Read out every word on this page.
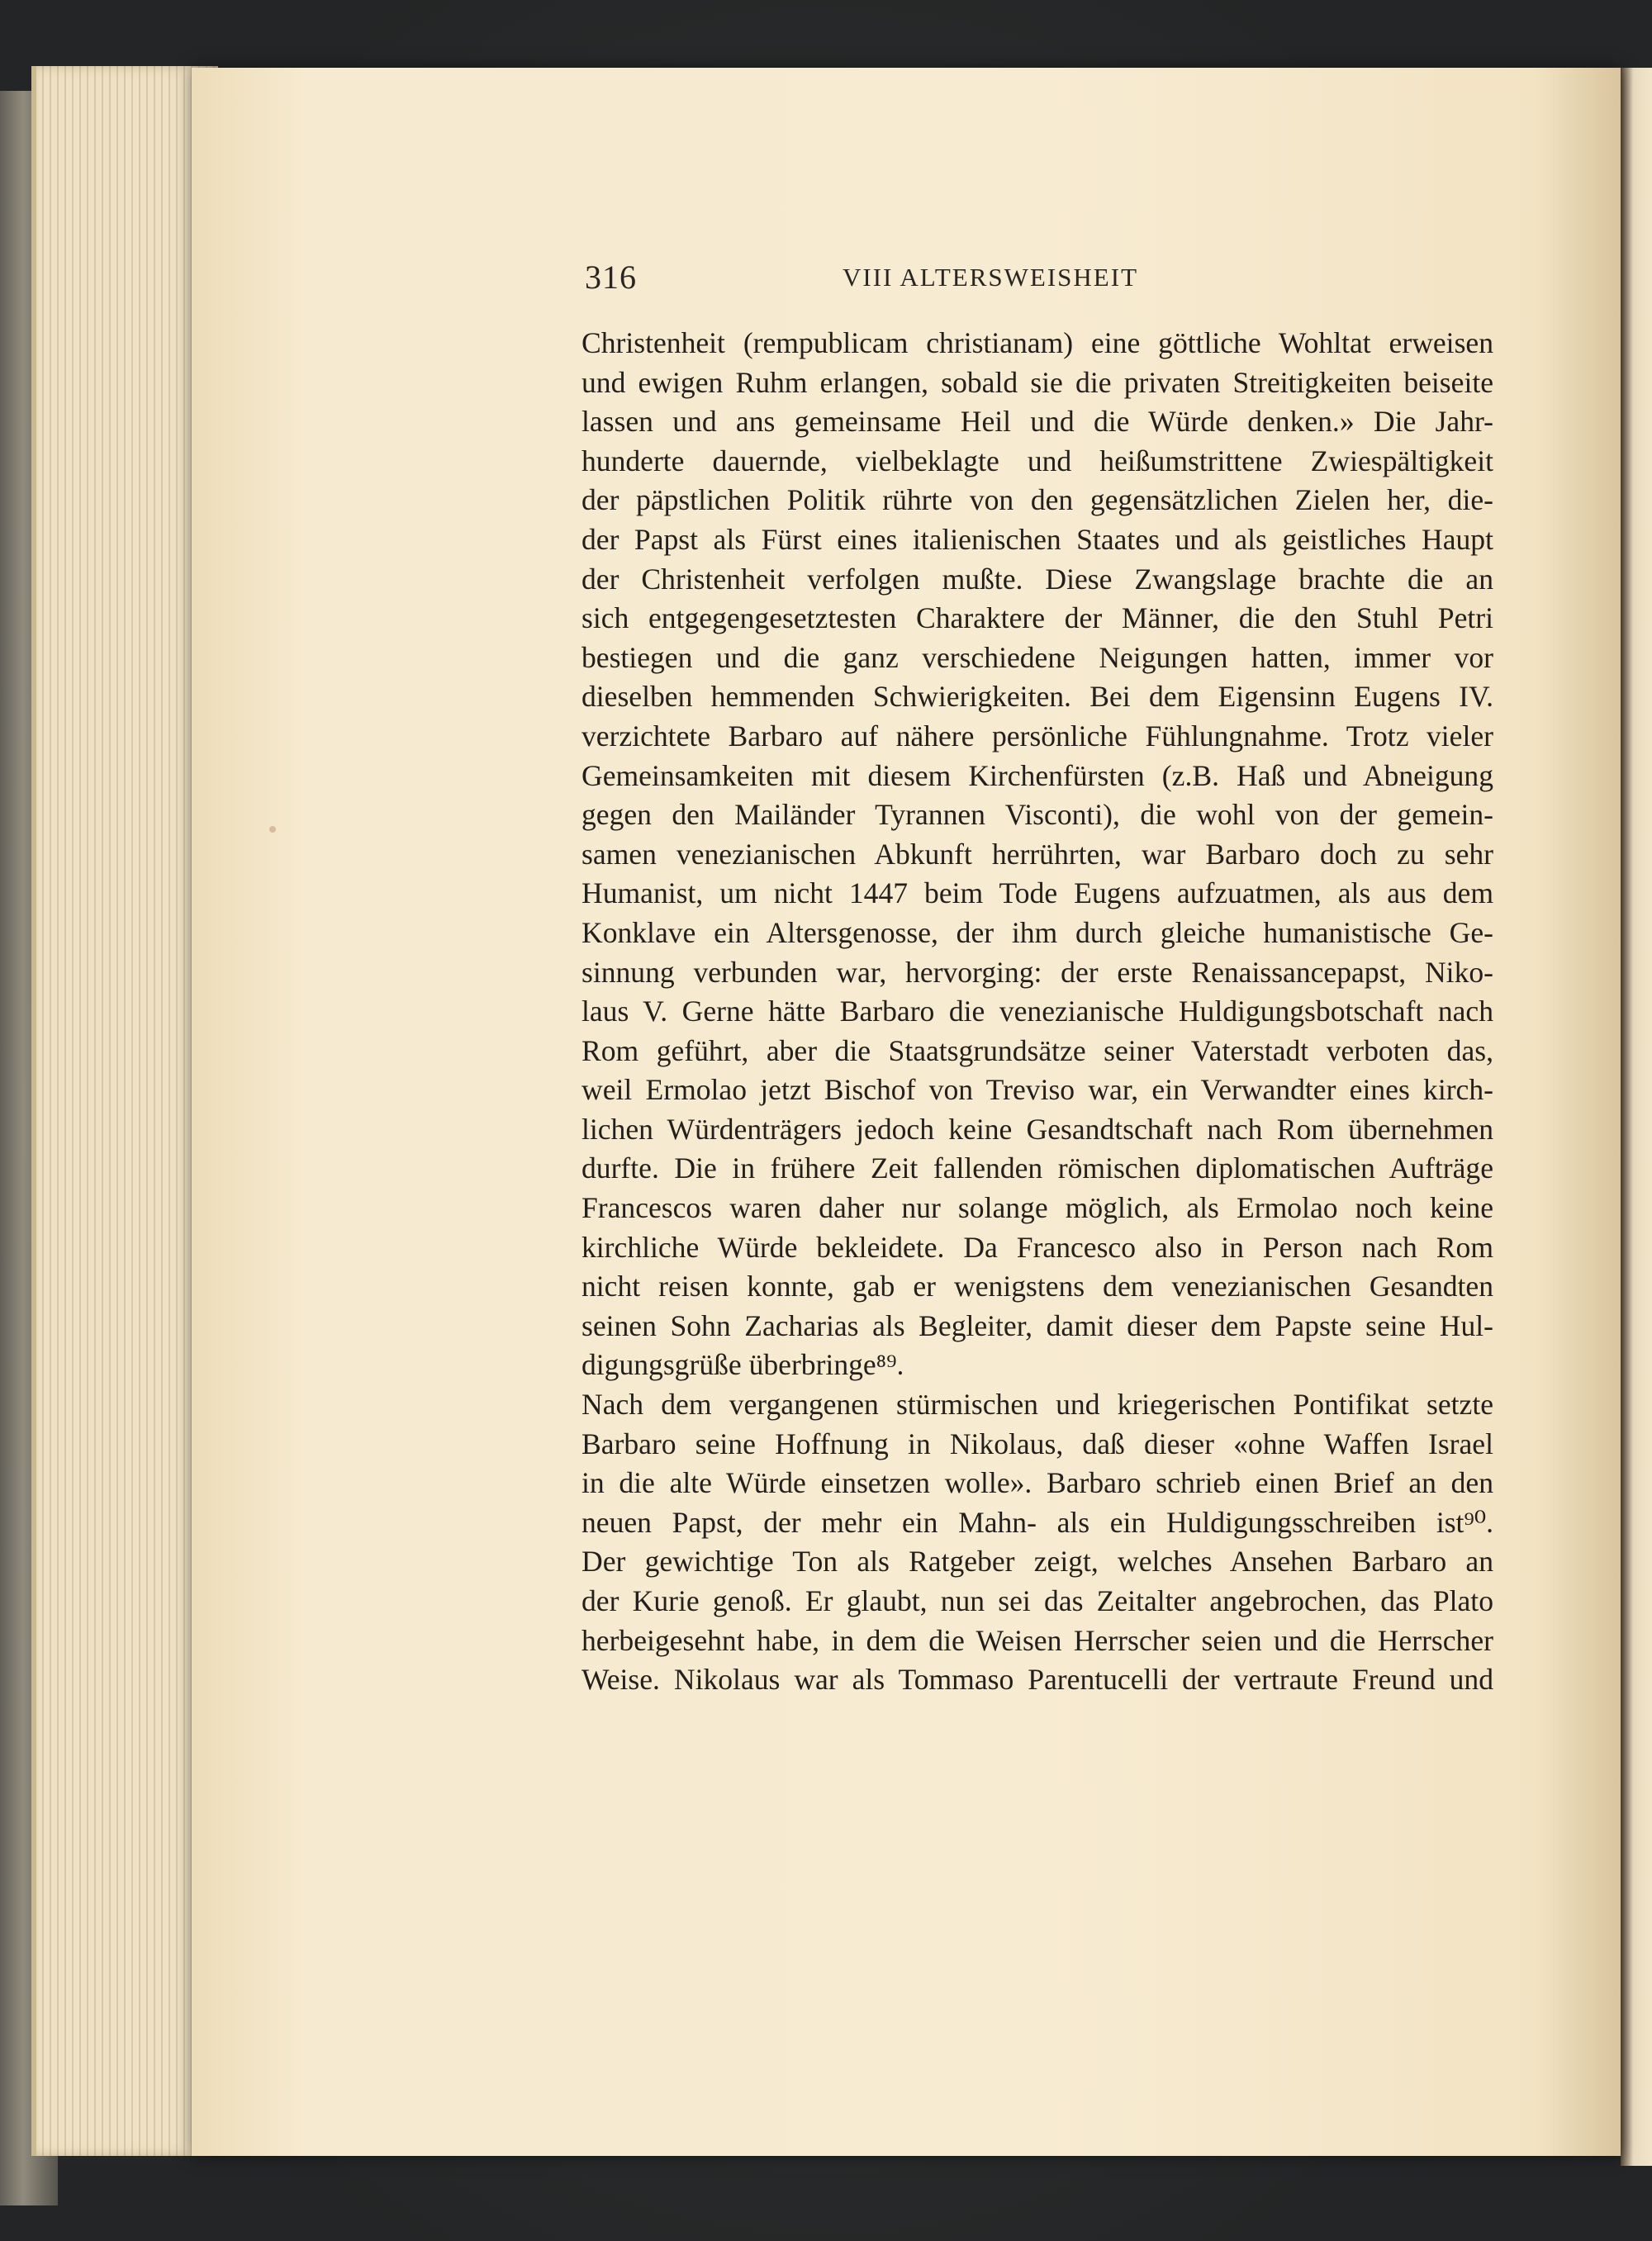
316	VIII ALTERSWEISHEIT
Christenheit (rempublicam christianam) eine göttliche Wohltat erweisen
und ewigen Ruhm erlangen, sobald sie die privaten Streitigkeiten beiseite
lassen und ans gemeinsame Heil und die Würde denken.» Die Jahr-
hunderte dauernde, vielbeklagte und heißumstrittene Zwiespältigkeit
der päpstlichen Politik rührte von den gegensätzlichen Zielen her, die-
der Papst als Fürst eines italienischen Staates und als geistliches Haupt
der Christenheit verfolgen mußte. Diese Zwangslage brachte die an
sich entgegengesetztesten Charaktere der Männer, die den Stuhl Petri
bestiegen und die ganz verschiedene Neigungen hatten, immer vor
dieselben hemmenden Schwierigkeiten. Bei dem Eigensinn Eugens IV.
verzichtete Barbaro auf nähere persönliche Fühlungnahme. Trotz vieler
Gemeinsamkeiten mit diesem Kirchenfürsten (z.B. Haß und Abneigung
gegen den Mailänder Tyrannen Visconti), die wohl von der gemein-
samen venezianischen Abkunft herrührten, war Barbaro doch zu sehr
Humanist, um nicht 1447 beim Tode Eugens aufzuatmen, als aus dem
Konklave ein Altersgenosse, der ihm durch gleiche humanistische Ge-
sinnung verbunden war, hervorging: der erste Renaissancepapst, Niko-
laus V. Gerne hätte Barbaro die venezianische Huldigungsbotschaft nach
Rom geführt, aber die Staatsgrundsätze seiner Vaterstadt verboten das,
weil Ermolao jetzt Bischof von Treviso war, ein Verwandter eines kirch-
lichen Würdenträgers jedoch keine Gesandtschaft nach Rom übernehmen
durfte. Die in frühere Zeit fallenden römischen diplomatischen Aufträge
Francescos waren daher nur solange möglich, als Ermolao noch keine
kirchliche Würde bekleidete. Da Francesco also in Person nach Rom
nicht reisen konnte, gab er wenigstens dem venezianischen Gesandten
seinen Sohn Zacharias als Begleiter, damit dieser dem Papste seine Hul-
digungsgrüße überbringe⁸⁹.
Nach dem vergangenen stürmischen und kriegerischen Pontifikat setzte
Barbaro seine Hoffnung in Nikolaus, daß dieser «ohne Waffen Israel
in die alte Würde einsetzen wolle». Barbaro schrieb einen Brief an den
neuen Papst, der mehr ein Mahn- als ein Huldigungsschreiben ist⁹⁰.
Der gewichtige Ton als Ratgeber zeigt, welches Ansehen Barbaro an
der Kurie genoß. Er glaubt, nun sei das Zeitalter angebrochen, das Plato
herbeigesehnt habe, in dem die Weisen Herrscher seien und die Herrscher
Weise. Nikolaus war als Tommaso Parentucelli der vertraute Freund und
